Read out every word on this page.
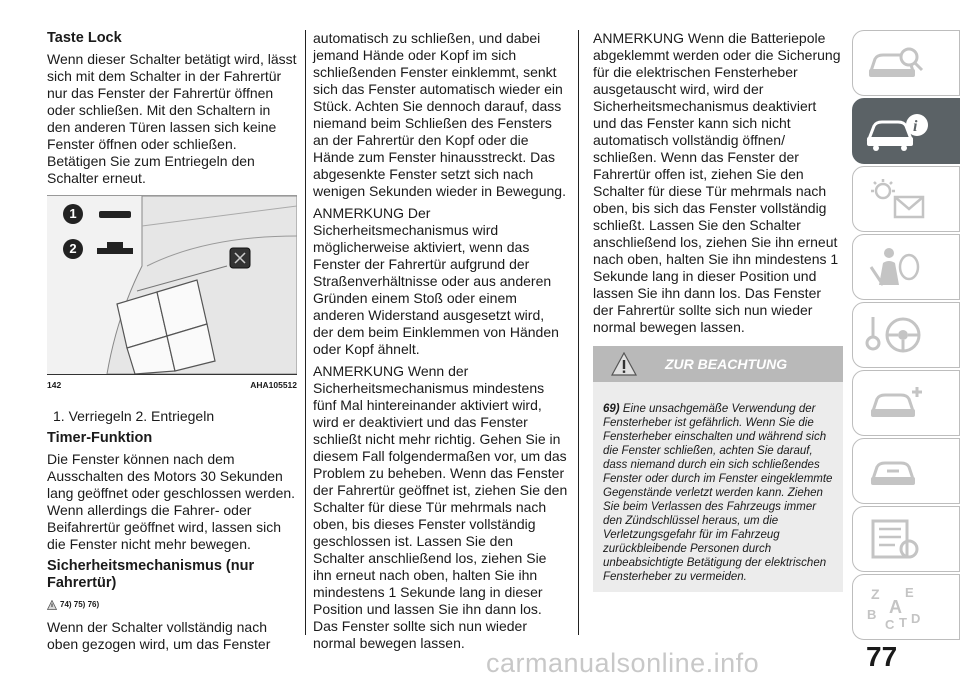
Taste Lock

Wenn dieser Schalter betätigt wird, lässt sich mit dem Schalter in der Fahrertür nur das Fenster der Fahrertür öffnen oder schließen. Mit den Schaltern in den anderen Türen lassen sich keine Fenster öffnen oder schließen. Betätigen Sie zum Entriegeln den Schalter erneut.

1
2
142	AHA105512

1. Verriegeln 2. Entriegeln

Timer-Funktion

Die Fenster können nach dem Ausschalten des Motors 30 Sekunden lang geöffnet oder geschlossen werden. Wenn allerdings die Fahrer- oder Beifahrertür geöffnet wird, lassen sich die Fenster nicht mehr bewegen.

Sicherheitsmechanismus (nur Fahrertür)
74) 75) 76)

Wenn der Schalter vollständig nach oben gezogen wird, um das Fenster

automatisch zu schließen, und dabei jemand Hände oder Kopf im sich schließenden Fenster einklemmt, senkt sich das Fenster automatisch wieder ein Stück. Achten Sie dennoch darauf, dass niemand beim Schließen des Fensters an der Fahrertür den Kopf oder die Hände zum Fenster hinausstreckt. Das abgesenkte Fenster setzt sich nach wenigen Sekunden wieder in Bewegung.

ANMERKUNG Der Sicherheitsmechanismus wird möglicherweise aktiviert, wenn das Fenster der Fahrertür aufgrund der Straßenverhältnisse oder aus anderen Gründen einem Stoß oder einem anderen Widerstand ausgesetzt wird, der dem beim Einklemmen von Händen oder Kopf ähnelt.

ANMERKUNG Wenn der Sicherheitsmechanismus mindestens fünf Mal hintereinander aktiviert wird, wird er deaktiviert und das Fenster schließt nicht mehr richtig. Gehen Sie in diesem Fall folgendermaßen vor, um das Problem zu beheben. Wenn das Fenster der Fahrertür geöffnet ist, ziehen Sie den Schalter für diese Tür mehrmals nach oben, bis dieses Fenster vollständig geschlossen ist. Lassen Sie den Schalter anschließend los, ziehen Sie ihn erneut nach oben, halten Sie ihn mindestens 1 Sekunde lang in dieser Position und lassen Sie ihn dann los. Das Fenster sollte sich nun wieder normal bewegen lassen.

ANMERKUNG Wenn die Batteriepole abgeklemmt werden oder die Sicherung für die elektrischen Fensterheber ausgetauscht wird, wird der Sicherheitsmechanismus deaktiviert und das Fenster kann sich nicht automatisch vollständig öffnen/ schließen. Wenn das Fenster der Fahrertür offen ist, ziehen Sie den Schalter für diese Tür mehrmals nach oben, bis sich das Fenster vollständig schließt. Lassen Sie den Schalter anschließend los, ziehen Sie ihn erneut nach oben, halten Sie ihn mindestens 1 Sekunde lang in dieser Position und lassen Sie ihn dann los. Das Fenster der Fahrertür sollte sich nun wieder normal bewegen lassen.

ZUR BEACHTUNG
69) Eine unsachgemäße Verwendung der Fensterheber ist gefährlich. Wenn Sie die Fensterheber einschalten und während sich die Fenster schließen, achten Sie darauf, dass niemand durch ein sich schließendes Fenster oder durch im Fenster eingeklemmte Gegenstände verletzt werden kann. Ziehen Sie beim Verlassen des Fahrzeugs immer den Zündschlüssel heraus, um die Verletzungsgefahr für im Fahrzeug zurückbleibende Personen durch unbeabsichtigte Betätigung der elektrischen Fensterheber zu vermeiden.
i
Z E
B A
C T D
77
carmanualsonline.info
